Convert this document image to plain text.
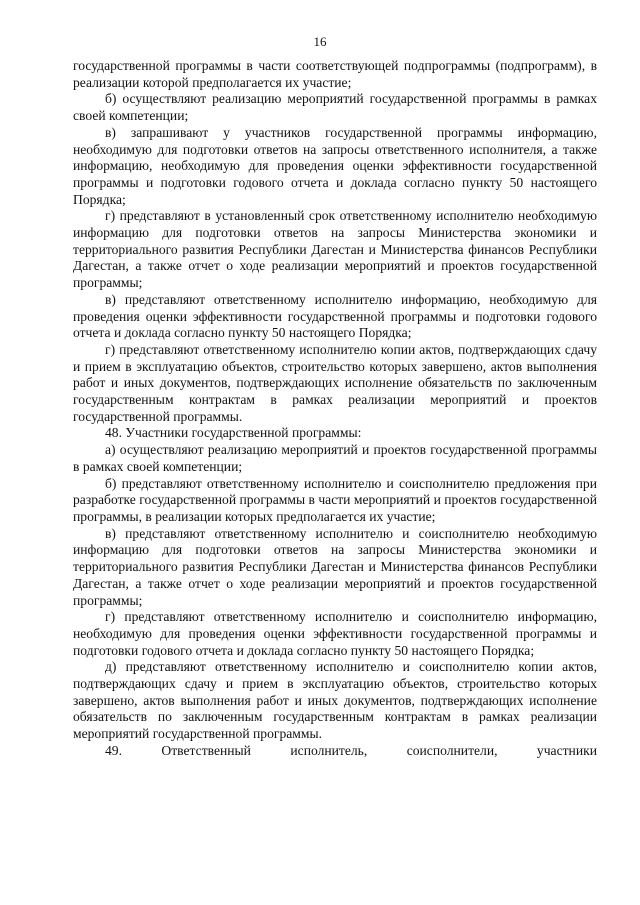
16

государственной программы в части соответствующей подпрограммы (подпрограмм), в реализации которой предполагается их участие;

б) осуществляют реализацию мероприятий государственной программы в рамках своей компетенции;

в) запрашивают у участников государственной программы информацию, необходимую для подготовки ответов на запросы ответственного исполнителя, а также информацию, необходимую для проведения оценки эффективности государственной программы и подготовки годового отчета и доклада согласно пункту 50 настоящего Порядка;

г) представляют в установленный срок ответственному исполнителю необходимую информацию для подготовки ответов на запросы Министерства экономики и территориального развития Республики Дагестан и Министерства финансов Республики Дагестан, а также отчет о ходе реализации мероприятий и проектов государственной программы;

в) представляют ответственному исполнителю информацию, необходимую для проведения оценки эффективности государственной программы и подготовки годового отчета и доклада согласно пункту 50 настоящего Порядка;

г) представляют ответственному исполнителю копии актов, подтверждающих сдачу и прием в эксплуатацию объектов, строительство которых завершено, актов выполнения работ и иных документов, подтверждающих исполнение обязательств по заключенным государственным контрактам в рамках реализации мероприятий и проектов государственной программы.

48. Участники государственной программы:

а) осуществляют реализацию мероприятий и проектов государственной программы в рамках своей компетенции;

б) представляют ответственному исполнителю и соисполнителю предложения при разработке государственной программы в части мероприятий и проектов государственной программы, в реализации которых предполагается их участие;

в) представляют ответственному исполнителю и соисполнителю необходимую информацию для подготовки ответов на запросы Министерства экономики и территориального развития Республики Дагестан и Министерства финансов Республики Дагестан, а также отчет о ходе реализации мероприятий и проектов государственной программы;

г) представляют ответственному исполнителю и соисполнителю информацию, необходимую для проведения оценки эффективности государственной программы и подготовки годового отчета и доклада согласно пункту 50 настоящего Порядка;

д) представляют ответственному исполнителю и соисполнителю копии актов, подтверждающих сдачу и прием в эксплуатацию объектов, строительство которых завершено, актов выполнения работ и иных документов, подтверждающих исполнение обязательств по заключенным государственным контрактам в рамках реализации мероприятий государственной программы.

49. Ответственный исполнитель, соисполнители, участники
